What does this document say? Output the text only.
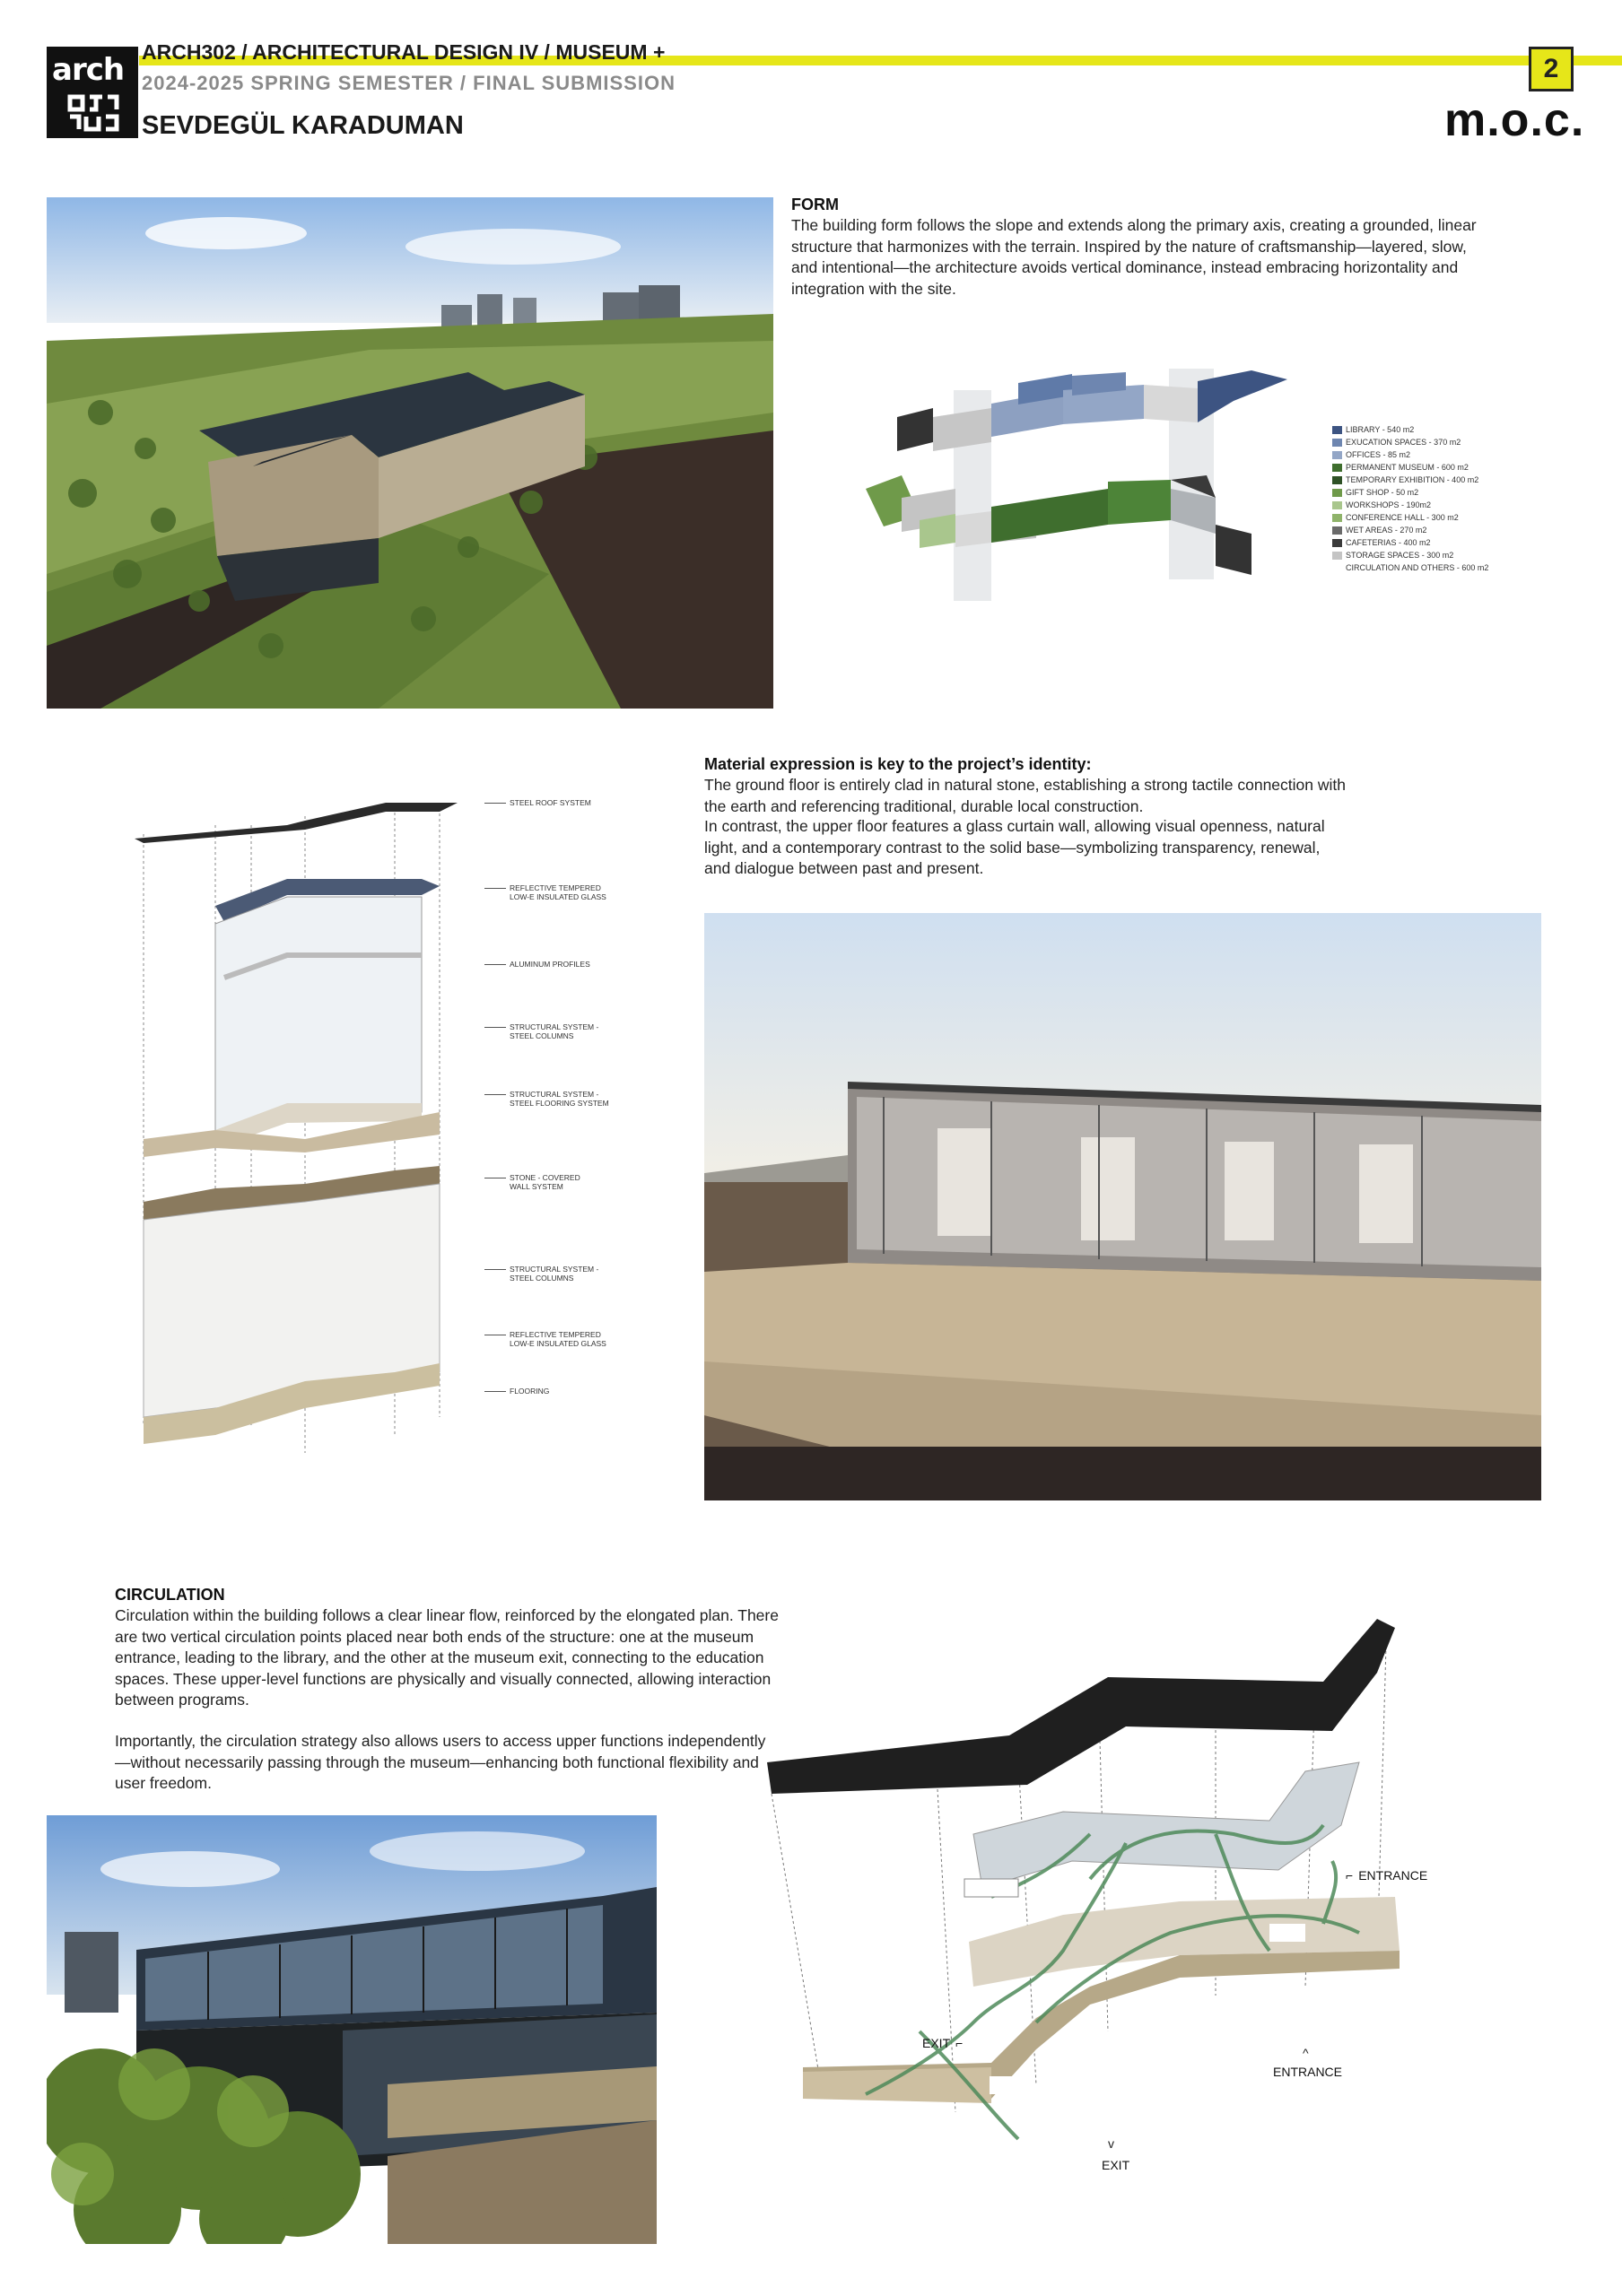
arch ARCH302 / ARCHITECTURAL DESIGN IV / MUSEUM +
2024-2025 SPRING SEMESTER / FINAL SUBMISSION
SEVDEGÜL KARADUMAN
2
m.o.c.
FORM
The building form follows the slope and extends along the primary axis, creating a grounded, linear structure that harmonizes with the terrain. Inspired by the nature of craftsmanship—layered, slow, and intentional—the architecture avoids vertical dominance, instead embracing horizontality and integration with the site.
LIBRARY - 540 m2
EXUCATION SPACES - 370 m2
OFFICES - 85 m2
PERMANENT MUSEUM - 600 m2
TEMPORARY EXHIBITION - 400 m2
GIFT SHOP - 50 m2
WORKSHOPS - 190m2
CONFERENCE HALL - 300 m2
WET AREAS - 270 m2
CAFETERIAS - 400 m2
STORAGE SPACES - 300 m2
CIRCULATION AND OTHERS - 600 m2
STEEL ROOF SYSTEM
REFLECTIVE TEMPERED
LOW-E INSULATED GLASS
ALUMINUM PROFILES
STRUCTURAL SYSTEM -
STEEL COLUMNS
STRUCTURAL SYSTEM -
STEEL FLOORING SYSTEM
STONE - COVERED
WALL SYSTEM
STRUCTURAL SYSTEM -
STEEL COLUMNS
REFLECTIVE TEMPERED
LOW-E INSULATED GLASS
FLOORING
Material expression is key to the project’s identity:
The ground floor is entirely clad in natural stone, establishing a strong tactile connection with the earth and referencing traditional, durable local construction.
In contrast, the upper floor features a glass curtain wall, allowing visual openness, natural light, and a contemporary contrast to the solid base—symbolizing transparency, renewal, and dialogue between past and present.
CIRCULATION
Circulation within the building follows a clear linear flow, reinforced by the elongated plan. There are two vertical circulation points placed near both ends of the structure: one at the museum entrance, leading to the library, and the other at the museum exit, connecting to the education spaces. These upper-level functions are physically and visually connected, allowing interaction between programs.
Importantly, the circulation strategy also allows users to access upper functions independently—without necessarily passing through the museum—enhancing both functional flexibility and user freedom.
⌐ ENTRANCE
ENTRANCE
^
EXIT ⌐
EXIT
v
